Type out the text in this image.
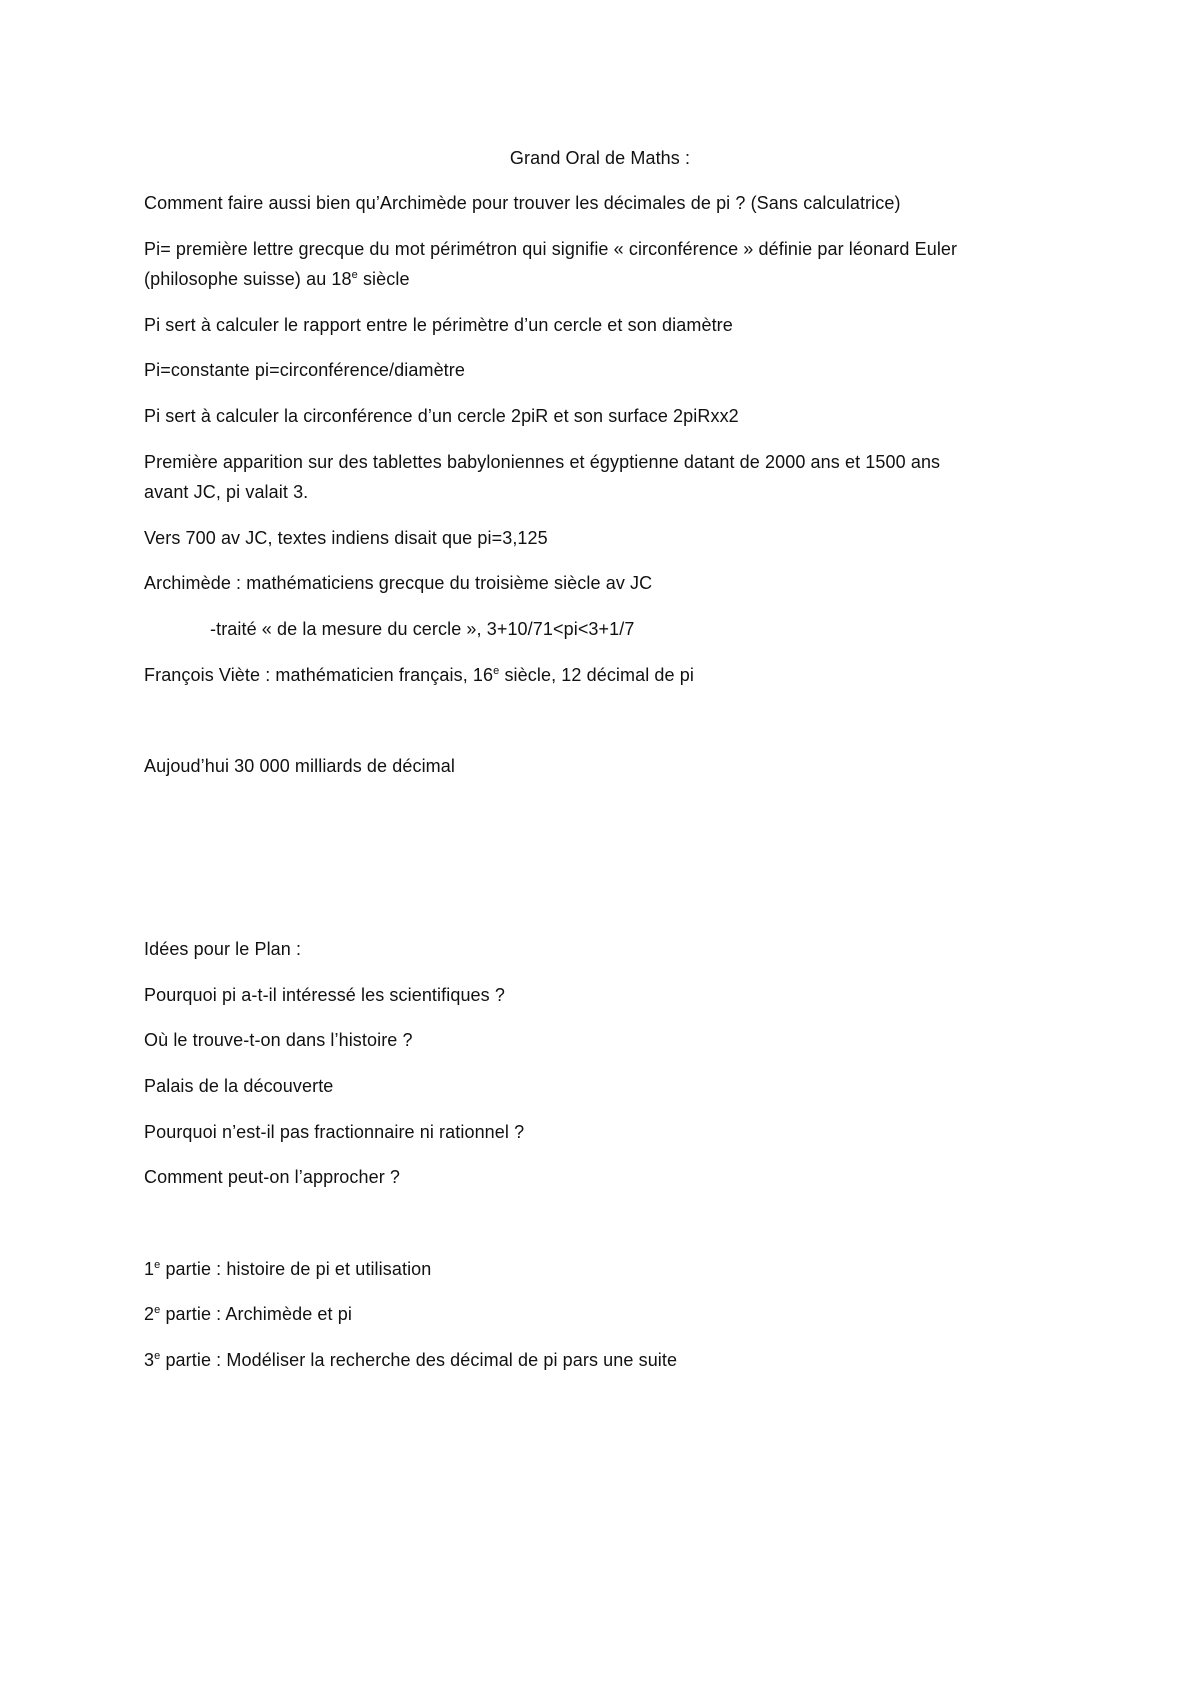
Grand Oral de Maths :
Comment faire aussi bien qu’Archimède pour trouver les décimales de pi ? (Sans calculatrice)
Pi= première lettre grecque du mot périmétron qui signifie « circonférence » définie par léonard Euler
(philosophe suisse) au 18e siècle
Pi sert à calculer le rapport entre le périmètre d’un cercle et son diamètre
Pi=constante pi=circonférence/diamètre
Pi sert à calculer la circonférence d’un cercle 2piR et son surface 2piRxx2
Première apparition sur des tablettes babyloniennes et égyptienne datant de 2000 ans et 1500 ans
avant JC, pi valait 3.
Vers 700 av JC, textes indiens disait que pi=3,125
Archimède : mathématiciens grecque du troisième siècle av JC
-traité « de la mesure du cercle », 3+10/71<pi<3+1/7
François Viète : mathématicien français, 16e siècle, 12 décimal de pi
Aujoud’hui 30 000 milliards de décimal
Idées pour le Plan :
Pourquoi pi a-t-il intéressé les scientifiques ?
Où le trouve-t-on dans l’histoire ?
Palais de la découverte
Pourquoi n’est-il pas fractionnaire ni rationnel ?
Comment peut-on l’approcher ?
1e partie : histoire de pi et utilisation
2e partie : Archimède et pi
3e partie : Modéliser la recherche des décimal de pi pars une suite
